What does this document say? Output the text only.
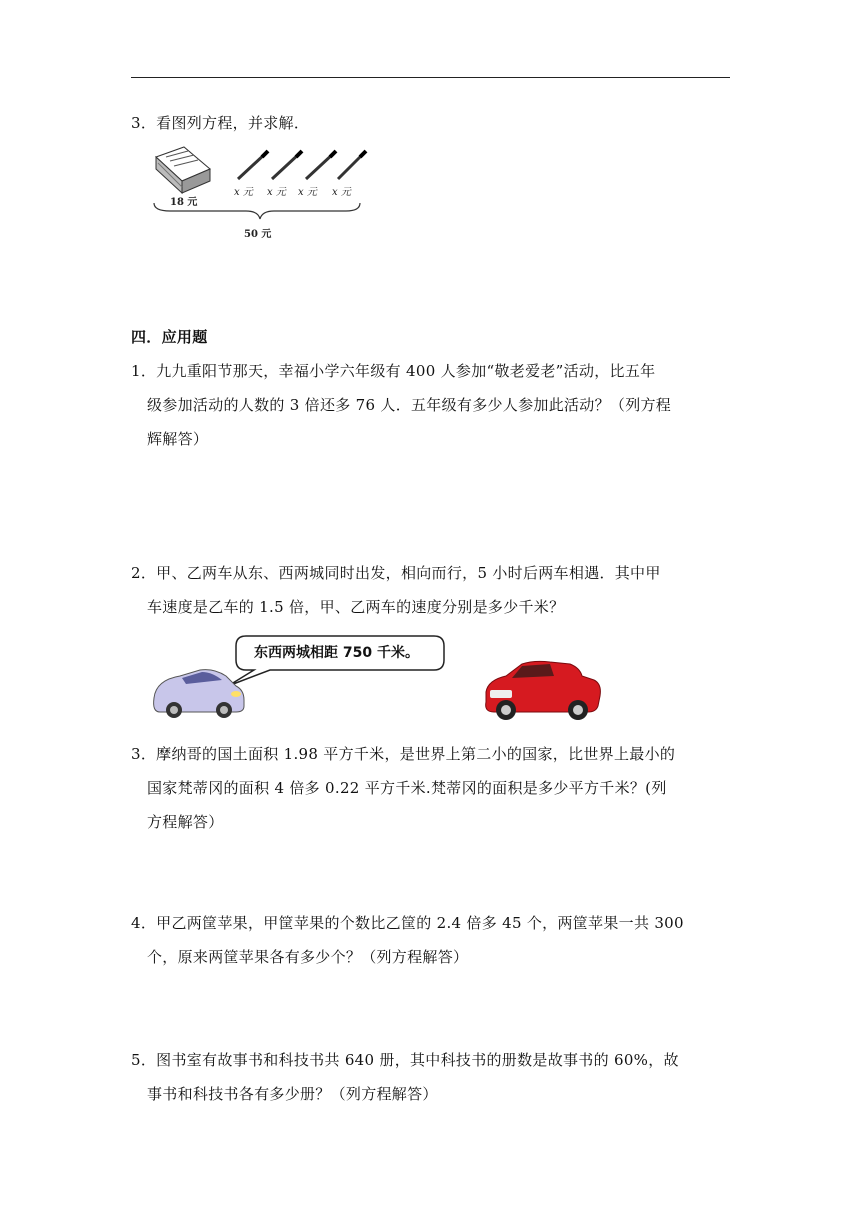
3．看图列方程，并求解．
18 元
x 元 x 元 x 元 x 元
50 元
四．应用题
1．九九重阳节那天，幸福小学六年级有 400 人参加“敬老爱老”活动，比五年
级参加活动的人数的 3 倍还多 76 人．五年级有多少人参加此活动？（列方程
辉解答）
2．甲、乙两车从东、西两城同时出发，相向而行，5 小时后两车相遇．其中甲
车速度是乙车的 1.5 倍，甲、乙两车的速度分别是多少千米？
东西两城相距 750 千米。
3．摩纳哥的国土面积 1.98 平方千米，是世界上第二小的国家，比世界上最小的
国家梵蒂冈的面积 4 倍多 0.22 平方千米.梵蒂冈的面积是多少平方千米？(列
方程解答）
4．甲乙两筐苹果，甲筐苹果的个数比乙筐的 2.4 倍多 45 个，两筐苹果一共 300
个，原来两筐苹果各有多少个？（列方程解答）
5．图书室有故事书和科技书共 640 册，其中科技书的册数是故事书的 60%，故
事书和科技书各有多少册？（列方程解答）
